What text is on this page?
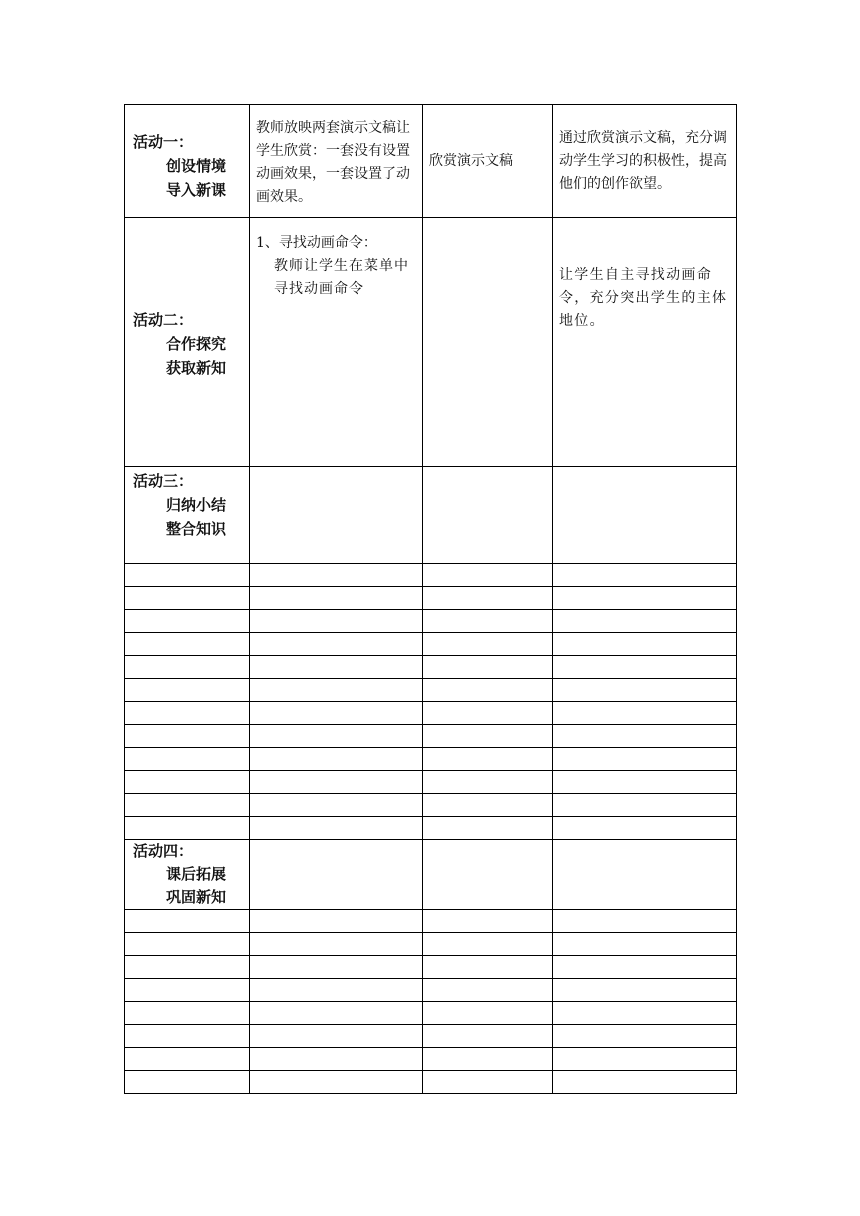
活动一：
创设情境
导入新课	教师放映两套演示文稿让学生欣赏：一套没有设置动画效果，一套设置了动画效果。	欣赏演示文稿	通过欣赏演示文稿，充分调动学生学习的积极性，提高他们的创作欲望。

活动二：
合作探究
获取新知	1、寻找动画命令：
教师让学生在菜单中寻找动画命令		让学生自主寻找动画命令，充分突出学生的主体地位。

活动三：
归纳小结
整合知识			

活动四：
课后拓展
巩固新知			
